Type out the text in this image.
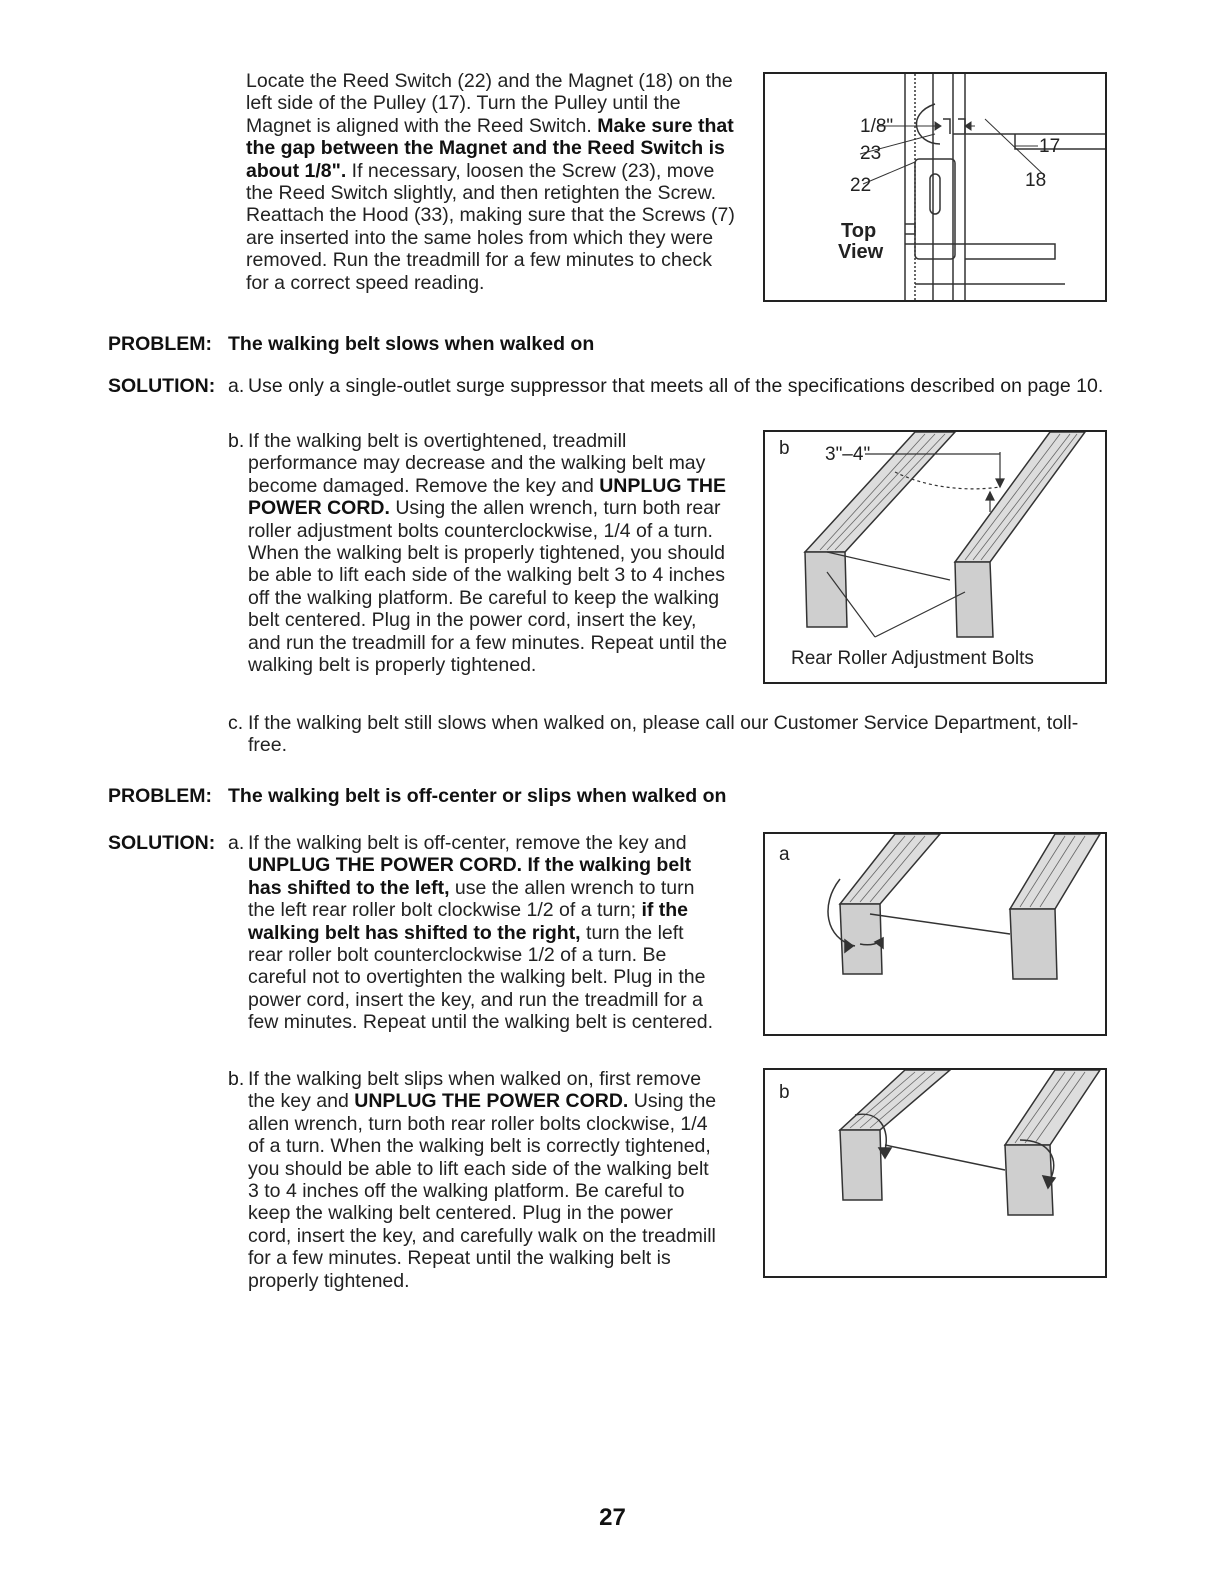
Locate the Reed Switch (22) and the Magnet (18) on the left side of the Pulley (17). Turn the Pulley until the Magnet is aligned with the Reed Switch. Make sure that the gap between the Magnet and the Reed Switch is about 1/8". If necessary, loosen the Screw (23), move the Reed Switch slightly, and then retighten the Screw. Reattach the Hood (33), making sure that the Screws (7) are inserted into the same holes from which they were removed. Run the treadmill for a few minutes to check for a correct speed reading.

1/8"
23
22
17
18
Top
View
PROBLEM: The walking belt slows when walked on
SOLUTION: a. Use only a single-outlet surge suppressor that meets all of the specifications described on page 10.
b. If the walking belt is overtightened, treadmill performance may decrease and the walking belt may become damaged. Remove the key and UNPLUG THE POWER CORD. Using the allen wrench, turn both rear roller adjustment bolts counterclockwise, 1/4 of a turn. When the walking belt is properly tightened, you should be able to lift each side of the walking belt 3 to 4 inches off the walking platform. Be careful to keep the walking belt centered. Plug in the power cord, insert the key, and run the treadmill for a few minutes. Repeat until the walking belt is properly tightened.

b 3"–4"
Rear Roller Adjustment Bolts
c. If the walking belt still slows when walked on, please call our Customer Service Department, toll-free.

PROBLEM: The walking belt is off-center or slips when walked on
SOLUTION: a. If the walking belt is off-center, remove the key and UNPLUG THE POWER CORD. If the walking belt has shifted to the left, use the allen wrench to turn the left rear roller bolt clockwise 1/2 of a turn; if the walking belt has shifted to the right, turn the left rear roller bolt counterclockwise 1/2 of a turn. Be careful not to overtighten the walking belt. Plug in the power cord, insert the key, and run the treadmill for a few minutes. Repeat until the walking belt is centered.

a
b. If the walking belt slips when walked on, first remove the key and UNPLUG THE POWER CORD. Using the allen wrench, turn both rear roller bolts clockwise, 1/4 of a turn. When the walking belt is correctly tightened, you should be able to lift each side of the walking belt 3 to 4 inches off the walking platform. Be careful to keep the walking belt centered. Plug in the power cord, insert the key, and carefully walk on the treadmill for a few minutes. Repeat until the walking belt is properly tightened.

b
27
